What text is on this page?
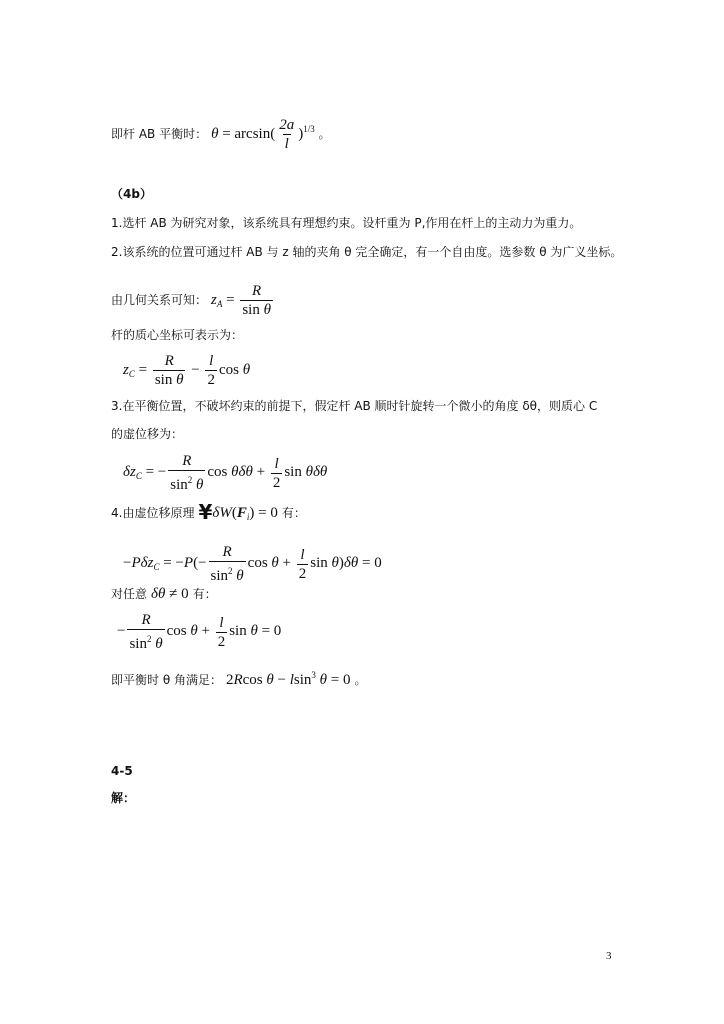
即杆 AB 平衡时： $\theta = \arcsin( \frac{2a}{l} )^{1/3}$ 。
（4b）
1.选杆 AB 为研究对象，该系统具有理想约束。设杆重为 P,作用在杆上的主动力为重力。
2.该系统的位置可通过杆 AB 与 z 轴的夹角 θ 完全确定，有一个自由度。选参数 θ 为广义坐标。
由几何关系可知： $z_A = \frac{R}{\text{sin θ}}$
杆的质心坐标可表示为：
$z_C = \frac{R}{\text{sin θ}} - \frac{l}{2}$ cos θ
3.在平衡位置，不破坏约束的前提下，假定杆 AB 顺时针旋转一个微小的角度 δθ，则质心 C
的虚位移为：
$\delta z_C$ = − $\frac{R}{\sin^2 \theta}$ $\cos \theta\delta\theta + \frac{l}{2}$ sin θδθ
4.由虚位移原理 $¥\delta W(F_i) = 0$ 有：
$-P\delta z_C = -P(- \frac{R}{\sin^2 \theta}$ $\cos \theta + \frac{l}{2}$ sin θ)δθ = 0
对任意 δθ ≠ 0 有：
− $\frac{R}{\sin^2 \theta}$ $\cos \theta + \frac{l}{2}$ sin θ = 0
即平衡时 θ 角满足： 2Rcos θ − lsin$^3$ θ = 0 。
4-5
解：
3
